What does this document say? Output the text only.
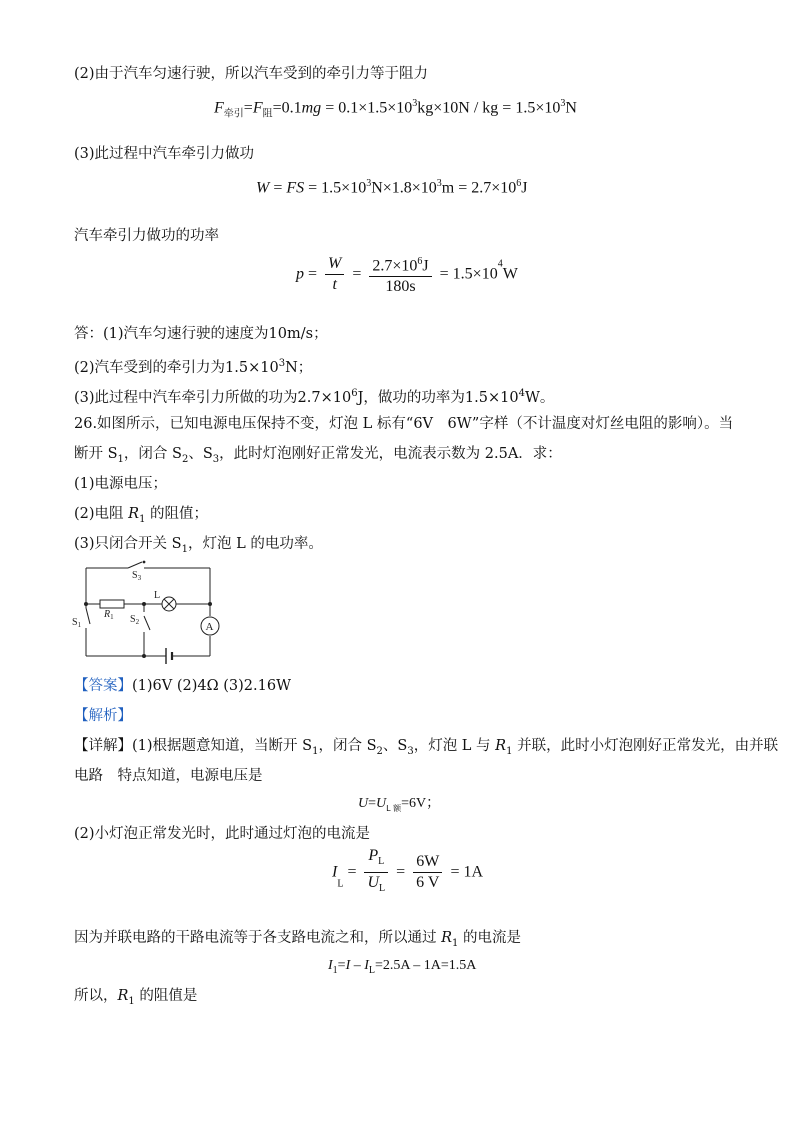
(2)由于汽车匀速行驶，所以汽车受到的牵引力等于阻力
$F_{牵引}=F_阻=0.1mg = 0.1\times 1.5\times 10^3kg\times 10N$ / kg = $1.5\times 10^3N$
(3)此过程中汽车牵引力做功
W = FS = $1.5\times 10^3N\times 1.8\times 10^3m = 2.7\times 10^6J$
汽车牵引力做功的功率
$p = \frac{W}{t} = \frac{2.7\times 10^6J}{180s} = 1.5\times 10^4W$
答：(1)汽车匀速行驶的速度为10m/s；
(2)汽车受到的牵引力为$1.5\times 10^3N$；
(3)此过程中汽车牵引力所做的功为$2.7\times 10^6J$，做功的功率为$1.5\times 10^4W$。
26.如图所示，已知电源电压保持不变，灯泡 L 标有“6V　6W”字样（不计温度对灯丝电阻的影响）。当
断开 $S_1$，闭合 $S_2$、$S_3$，此时灯泡刚好正常发光，电流表示数为 2.5A．求：
(1)电源电压；
(2)电阻 $R_1$ 的阻值；
(3)只闭合开关 $S_1$，灯泡 L 的电功率。
$S_3$
L
$R_1$
$S_1$	$S_2$	A
【答案】(1)6V (2)4Ω (3)2.16W
【解析】
【详解】(1)根据题意知道，当断开 $S_1$，闭合 $S_2$、$S_3$，灯泡 L 与 $R_1$ 并联，此时小灯泡刚好正常发光，由并联
电路　特点知道，电源电压是
$U=U_{L 额}=6V$；
(2)小灯泡正常发光时，此时通过灯泡的电流是
$I_L = \frac{P_L}{U_L} = \frac{6W}{6 V} = 1A$
因为并联电路的干路电流等于各支路电流之和，所以通过 $R_1$ 的电流是
$I_1=I - I_L=2.5A - 1A=1.5A$
所以，$R_1$ 的阻值是
